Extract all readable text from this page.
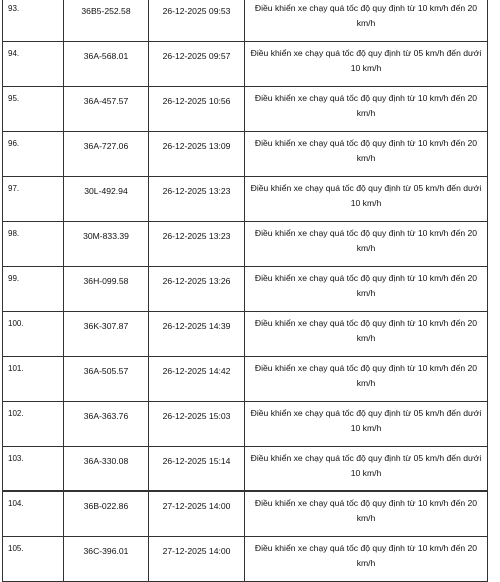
93.	36B5-252.58	26-12-2025 09:53	Điều khiển xe chạy quá tốc độ quy định từ 10 km/h đến 20 km/h
94.	36A-568.01	26-12-2025 09:57	Điều khiển xe chạy quá tốc độ quy định từ 05 km/h đến dưới 10 km/h
95.	36A-457.57	26-12-2025 10:56	Điều khiển xe chạy quá tốc độ quy định từ 10 km/h đến 20 km/h
96.	36A-727.06	26-12-2025 13:09	Điều khiển xe chạy quá tốc độ quy định từ 10 km/h đến 20 km/h
97.	30L-492.94	26-12-2025 13:23	Điều khiển xe chạy quá tốc độ quy định từ 05 km/h đến dưới 10 km/h
98.	30M-833.39	26-12-2025 13:23	Điều khiển xe chạy quá tốc độ quy định từ 10 km/h đến 20 km/h
99.	36H-099.58	26-12-2025 13:26	Điều khiển xe chạy quá tốc độ quy định từ 10 km/h đến 20 km/h
100.	36K-307.87	26-12-2025 14:39	Điều khiển xe chạy quá tốc độ quy định từ 10 km/h đến 20 km/h
101.	36A-505.57	26-12-2025 14:42	Điều khiển xe chạy quá tốc độ quy định từ 10 km/h đến 20 km/h
102.	36A-363.76	26-12-2025 15:03	Điều khiển xe chạy quá tốc độ quy định từ 05 km/h đến dưới 10 km/h
103.	36A-330.08	26-12-2025 15:14	Điều khiển xe chạy quá tốc độ quy định từ 05 km/h đến dưới 10 km/h
104.	36B-022.86	27-12-2025 14:00	Điều khiển xe chạy quá tốc độ quy định từ 10 km/h đến 20 km/h
105.	36C-396.01	27-12-2025 14:00	Điều khiển xe chạy quá tốc độ quy định từ 10 km/h đến 20 km/h
